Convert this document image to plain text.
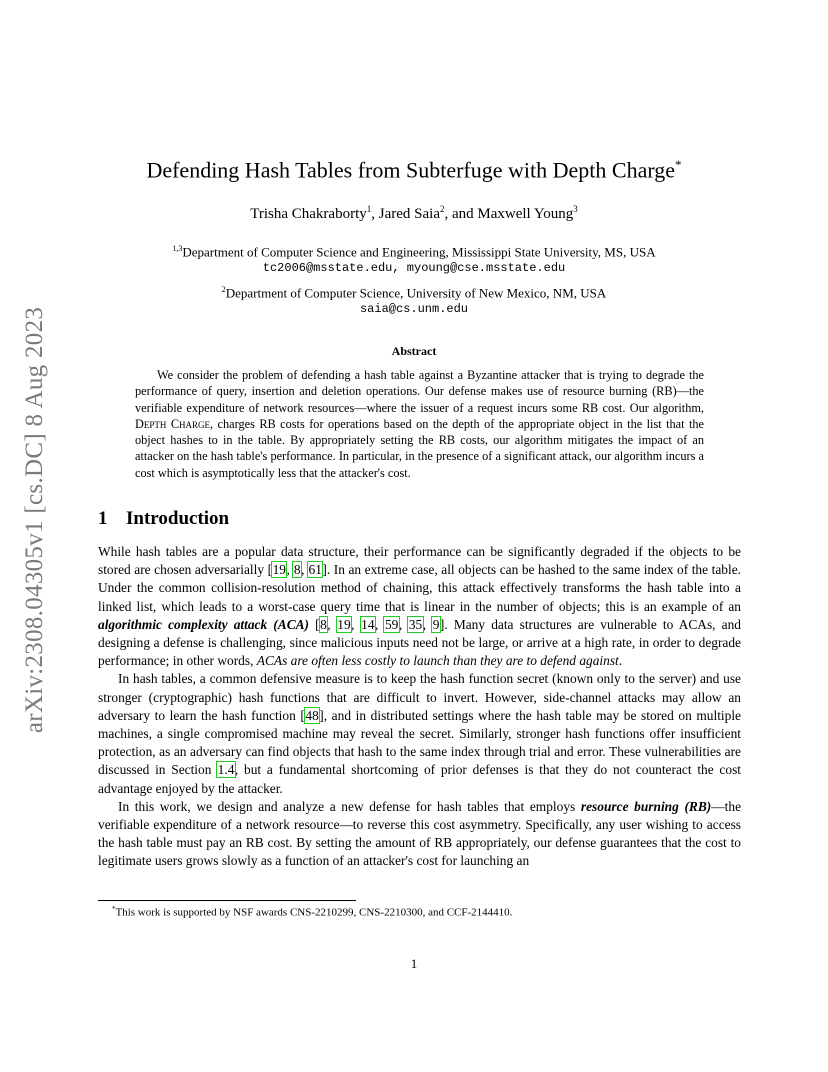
arXiv:2308.04305v1 [cs.DC] 8 Aug 2023
Defending Hash Tables from Subterfuge with Depth Charge*
Trisha Chakraborty$^1$, Jared Saia$^2$, and Maxwell Young$^3$
$^{1,3}$Department of Computer Science and Engineering, Mississippi State University, MS, USA
tc2006@msstate.edu, myoung@cse.msstate.edu
$^2$Department of Computer Science, University of New Mexico, NM, USA
saia@cs.unm.edu
Abstract

We consider the problem of defending a hash table against a Byzantine attacker that is trying to degrade the performance of query, insertion and deletion operations. Our defense makes use of resource burning (RB)—the verifiable expenditure of network resources—where the issuer of a request incurs some RB cost. Our algorithm, Depth Charge, charges RB costs for operations based on the depth of the appropriate object in the list that the object hashes to in the table. By appropriately setting the RB costs, our algorithm mitigates the impact of an attacker on the hash table's performance. In particular, in the presence of a significant attack, our algorithm incurs a cost which is asymptotically less that the attacker's cost.

1 Introduction

While hash tables are a popular data structure, their performance can be significantly degraded if the objects to be stored are chosen adversarially [19, 8, 61]. In an extreme case, all objects can be hashed to the same index of the table. Under the common collision-resolution method of chaining, this attack effectively transforms the hash table into a linked list, which leads to a worst-case query time that is linear in the number of objects; this is an example of an algorithmic complexity attack (ACA) [8, 19, 14, 59, 35, 9]. Many data structures are vulnerable to ACAs, and designing a defense is challenging, since malicious inputs need not be large, or arrive at a high rate, in order to degrade performance; in other words, ACAs are often less costly to launch than they are to defend against.

In hash tables, a common defensive measure is to keep the hash function secret (known only to the server) and use stronger (cryptographic) hash functions that are difficult to invert. However, side-channel attacks may allow an adversary to learn the hash function [48], and in distributed settings where the hash table may be stored on multiple machines, a single compromised machine may reveal the secret. Similarly, stronger hash functions offer insufficient protection, as an adversary can find objects that hash to the same index through trial and error. These vulnerabilities are discussed in Section 1.4, but a fundamental shortcoming of prior defenses is that they do not counteract the cost advantage enjoyed by the attacker.

In this work, we design and analyze a new defense for hash tables that employs resource burning (RB)—the verifiable expenditure of a network resource—to reverse this cost asymmetry. Specifically, any user wishing to access the hash table must pay an RB cost. By setting the amount of RB appropriately, our defense guarantees that the cost to legitimate users grows slowly as a function of an attacker's cost for launching an

*This work is supported by NSF awards CNS-2210299, CNS-2210300, and CCF-2144410.
1
